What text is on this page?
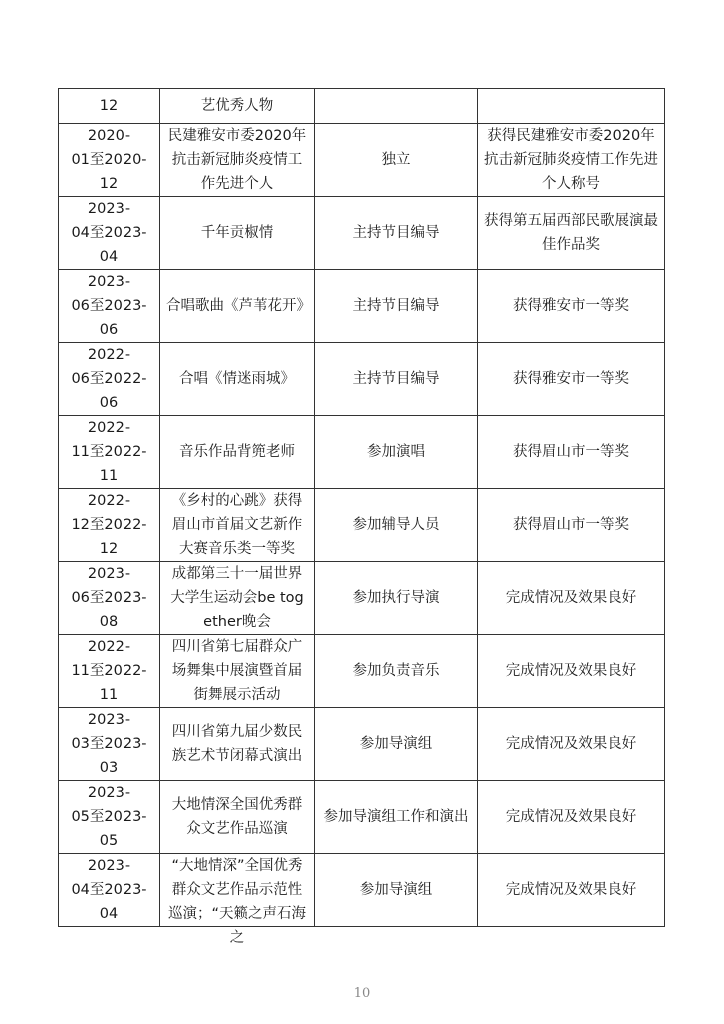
12	艺优秀人物		

2020-
01至2020-
12	民建雅安市委2020年抗击新冠肺炎疫情工作先进个人	独立	获得民建雅安市委2020年抗击新冠肺炎疫情工作先进个人称号

2023-
04至2023-
04	千年贡椒情	主持节目编导	获得第五届西部民歌展演最佳作品奖

2023-
06至2023-
06	合唱歌曲《芦苇花开》	主持节目编导	获得雅安市一等奖

2022-
06至2022-
06	合唱《情迷雨城》	主持节目编导	获得雅安市一等奖

2022-
11至2022-
11	音乐作品背篼老师	参加演唱	获得眉山市一等奖

2022-
12至2022-
12	《乡村的心跳》获得眉山市首届文艺新作大赛音乐类一等奖	参加辅导人员	获得眉山市一等奖

2023-
06至2023-
08	成都第三十一届世界大学生运动会be together晚会	参加执行导演	完成情况及效果良好

2022-
11至2022-
11	四川省第七届群众广场舞集中展演暨首届街舞展示活动	参加负责音乐	完成情况及效果良好

2023-
03至2023-
03	四川省第九届少数民族艺术节闭幕式演出	参加导演组	完成情况及效果良好

2023-
05至2023-
05	大地情深全国优秀群众文艺作品巡演	参加导演组工作和演出	完成情况及效果良好

2023-
04至2023-
04	“大地情深”全国优秀群众文艺作品示范性巡演；“天籁之声石海之	参加导演组	完成情况及效果良好
10
